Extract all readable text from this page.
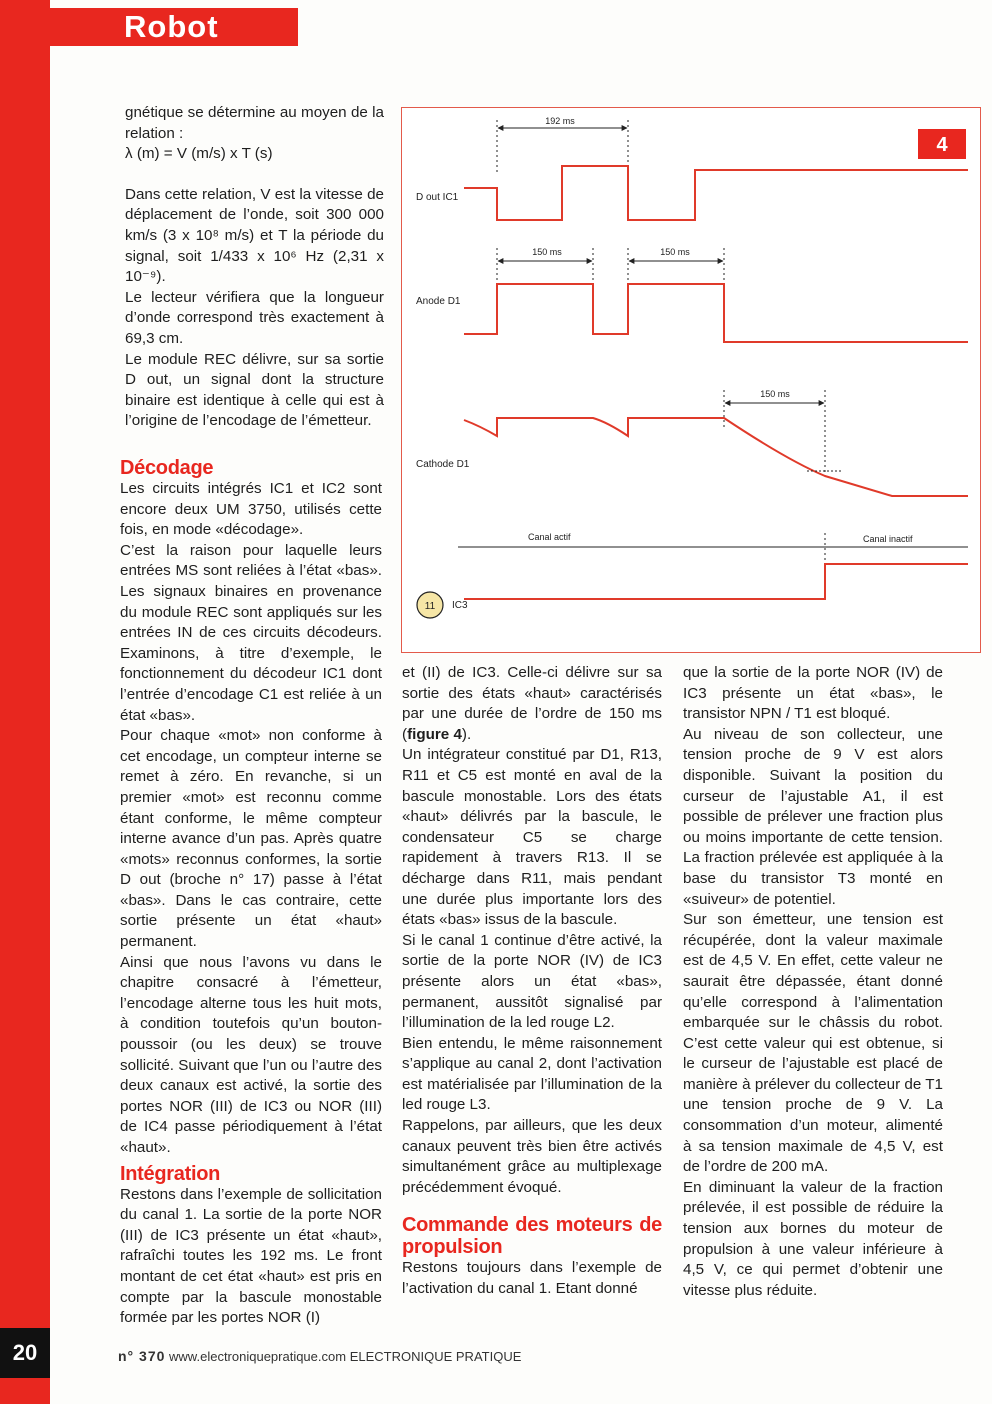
Robot

gnétique se détermine au moyen de la relation :

λ (m) = V (m/s) x T (s)

Dans cette relation, V est la vitesse de déplacement de l’onde, soit 300 000 km/s (3 x 10⁸ m/s) et T la période du signal, soit 1/433 x 10⁶ Hz (2,31 x 10⁻⁹).

Le lecteur vérifiera que la longueur d’onde correspond très exactement à 69,3 cm.

Le module REC délivre, sur sa sortie D out, un signal dont la structure binaire est identique à celle qui est à l’origine de l’encodage de l’émetteur.

Décodage

Les circuits intégrés IC1 et IC2 sont encore deux UM 3750, utilisés cette fois, en mode «décodage».

C’est la raison pour laquelle leurs entrées MS sont reliées à l’état «bas». Les signaux binaires en provenance du module REC sont appliqués sur les entrées IN de ces circuits décodeurs. Examinons, à titre d’exemple, le fonctionnement du décodeur IC1 dont l’entrée d’encodage C1 est reliée à un état «bas».

Pour chaque «mot» non conforme à cet encodage, un compteur interne se remet à zéro. En revanche, si un premier «mot» est reconnu comme étant conforme, le même compteur interne avance d’un pas. Après quatre «mots» reconnus conformes, la sortie D out (broche n° 17) passe à l’état «bas». Dans le cas contraire, cette sortie présente un état «haut» permanent.

Ainsi que nous l’avons vu dans le chapitre consacré à l’émetteur, l’encodage alterne tous les huit mots, à condition toutefois qu’un bouton-poussoir (ou les deux) se trouve sollicité. Suivant que l’un ou l’autre des deux canaux est activé, la sortie des portes NOR (III) de IC3 ou NOR (III) de IC4 passe périodiquement à l’état «haut».

Intégration

Restons dans l’exemple de sollicitation du canal 1. La sortie de la porte NOR (III) de IC3 présente un état «haut», rafraîchi toutes les 192 ms. Le front montant de cet état «haut» est pris en compte par la bascule monostable formée par les portes NOR (I)

4
D out IC1
Anode D1
Cathode D1
192 ms
150 ms	150 ms
150 ms
Canal actif	Canal inactif
11 IC3

et (II) de IC3. Celle-ci délivre sur sa sortie des états «haut» caractérisés par une durée de l’ordre de 150 ms (figure 4).

Un intégrateur constitué par D1, R13, R11 et C5 est monté en aval de la bascule monostable. Lors des états «haut» délivrés par la bascule, le condensateur C5 se charge rapidement à travers R13. Il se décharge dans R11, mais pendant une durée plus importante lors des états «bas» issus de la bascule.

Si le canal 1 continue d’être activé, la sortie de la porte NOR (IV) de IC3 présente alors un état «bas», permanent, aussitôt signalisé par l’illumination de la led rouge L2.

Bien entendu, le même raisonnement s’applique au canal 2, dont l’activation est matérialisée par l’illumination de la led rouge L3.

Rappelons, par ailleurs, que les deux canaux peuvent très bien être activés simultanément grâce au multiplexage précédemment évoqué.

Commande des moteurs de propulsion

Restons toujours dans l’exemple de l’activation du canal 1. Etant donné

que la sortie de la porte NOR (IV) de IC3 présente un état «bas», le transistor NPN / T1 est bloqué.

Au niveau de son collecteur, une tension proche de 9 V est alors disponible. Suivant la position du curseur de l’ajustable A1, il est possible de prélever une fraction plus ou moins importante de cette tension. La fraction prélevée est appliquée à la base du transistor T3 monté en «suiveur» de potentiel.

Sur son émetteur, une tension est récupérée, dont la valeur maximale est de 4,5 V. En effet, cette valeur ne saurait être dépassée, étant donné qu’elle correspond à l’alimentation embarquée sur le châssis du robot. C’est cette valeur qui est obtenue, si le curseur de l’ajustable est placé de manière à prélever du collecteur de T1 une tension proche de 9 V. La consommation d’un moteur, alimenté à sa tension maximale de 4,5 V, est de l’ordre de 200 mA.

En diminuant la valeur de la fraction prélevée, il est possible de réduire la tension aux bornes du moteur de propulsion à une valeur inférieure à 4,5 V, ce qui permet d’obtenir une vitesse plus réduite.

20	n° 370 www.electroniquepratique.com ELECTRONIQUE PRATIQUE
